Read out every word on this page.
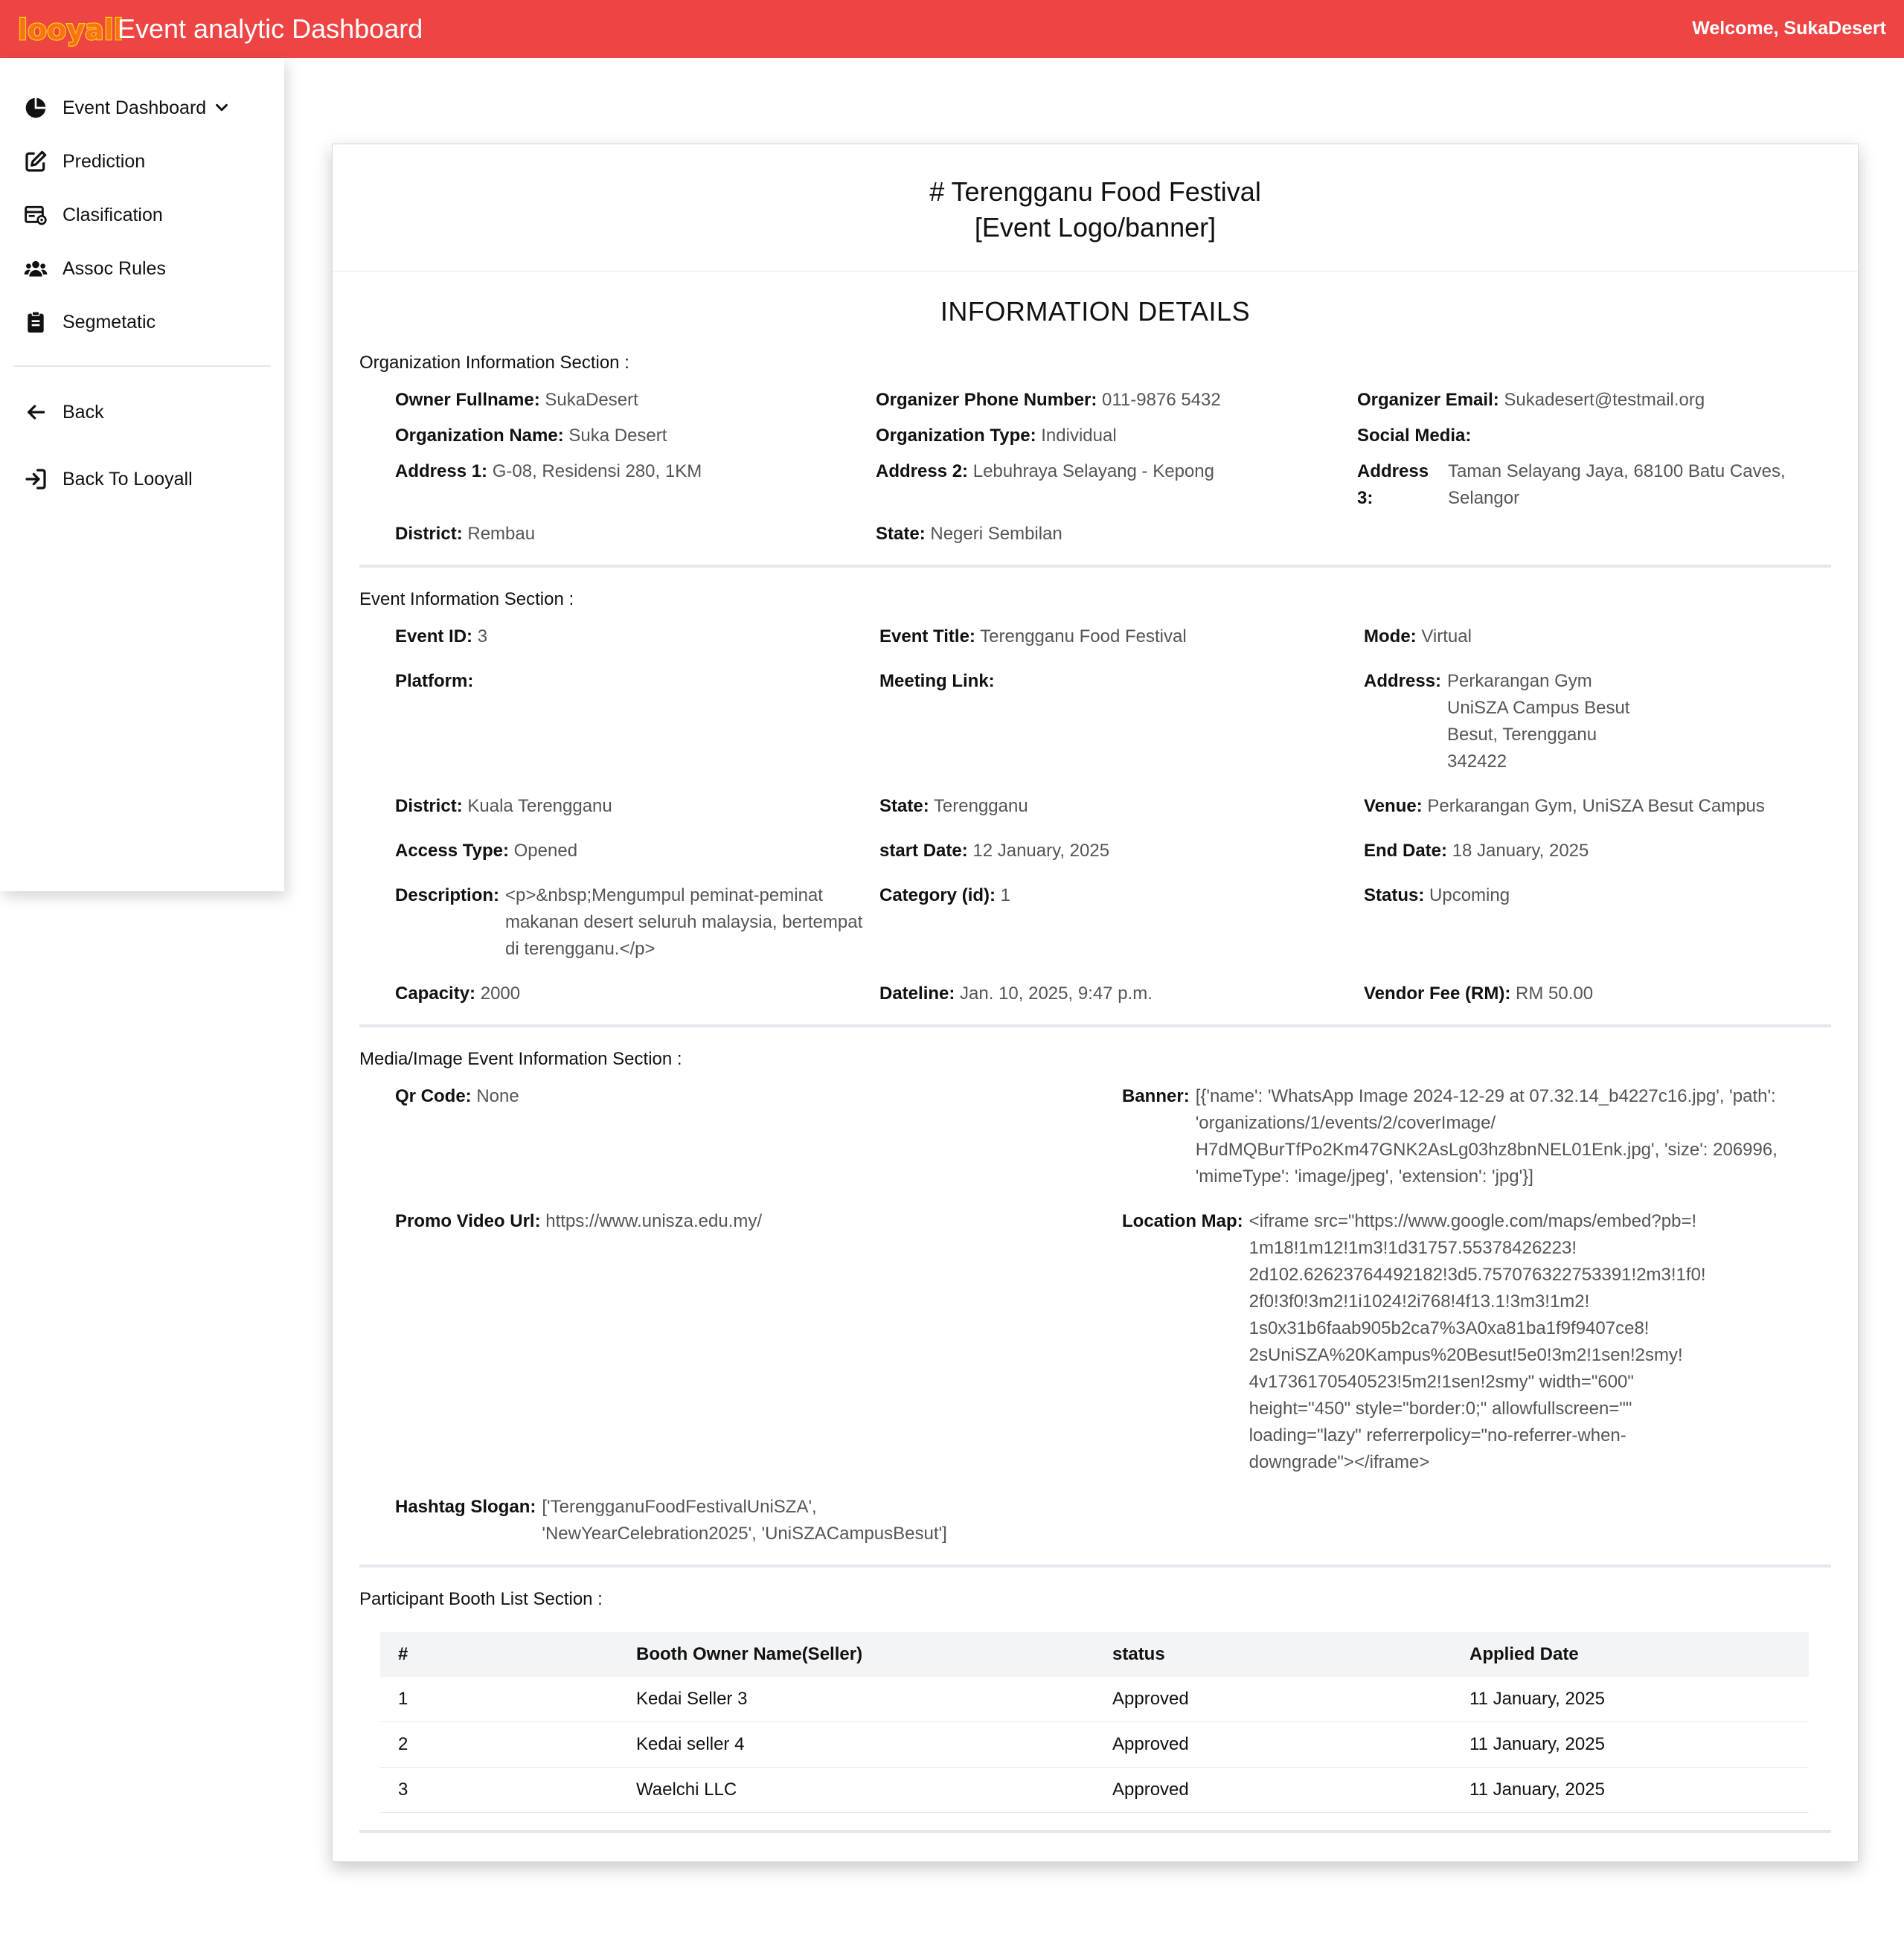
looyall
Event analytic Dashboard	Welcome, SukaDesert
Event Dashboard
Prediction
Clasification
Assoc Rules
Segmetatic
Back
Back To Looyall
# Terengganu Food Festival
[Event Logo/banner]
INFORMATION DETAILS
Organization Information Section :
Owner Fullname: SukaDesert	Organizer Phone Number: 011-9876 5432	Organizer Email: Sukadesert@testmail.org
Organization Name: Suka Desert	Organization Type: Individual	Social Media:
Address 1: G-08, Residensi 280, 1KM	Address 2: Lebuhraya Selayang - Kepong	Address
3:
Taman Selayang Jaya, 68100 Batu Caves,
Selangor
District: Rembau	State: Negeri Sembilan
Event Information Section :
Event ID: 3	Event Title: Terengganu Food Festival	Mode: Virtual
Platform:	Meeting Link:	Address: Perkarangan Gym
UniSZA Campus Besut
Besut, Terengganu
342422
District: Kuala Terengganu	State: Terengganu	Venue: Perkarangan Gym, UniSZA Besut Campus
Access Type: Opened	start Date: 12 January, 2025	End Date: 18 January, 2025
Description: <p>&nbsp;Mengumpul peminat-peminat
makanan desert seluruh malaysia, bertempat
di terengganu.</p>
Category (id): 1	Status: Upcoming
Capacity: 2000	Dateline: Jan. 10, 2025, 9:47 p.m.	Vendor Fee (RM): RM 50.00
Media/Image Event Information Section :
Qr Code: None	Banner: [{'name': 'WhatsApp Image 2024-12-29 at 07.32.14_b4227c16.jpg', 'path':
'organizations/1/events/2/coverImage/
H7dMQBurTfPo2Km47GNK2AsLg03hz8bnNEL01Enk.jpg', 'size': 206996,
'mimeType': 'image/jpeg', 'extension': 'jpg'}]
Promo Video Url: https://www.unisza.edu.my/	Location Map: <iframe src="https://www.google.com/maps/embed?pb=!
1m18!1m12!1m3!1d31757.55378426223!
2d102.62623764492182!3d5.757076322753391!2m3!1f0!
2f0!3f0!3m2!1i1024!2i768!4f13.1!3m3!1m2!
1s0x31b6faab905b2ca7%3A0xa81ba1f9f9407ce8!
2sUniSZA%20Kampus%20Besut!5e0!3m2!1sen!2smy!
4v1736170540523!5m2!1sen!2smy" width="600"
height="450" style="border:0;" allowfullscreen=""
loading="lazy" referrerpolicy="no-referrer-when-
downgrade"></iframe>
Hashtag Slogan: ['TerengganuFoodFestivalUniSZA',
'NewYearCelebration2025', 'UniSZACampusBesut']
Participant Booth List Section :
#	Booth Owner Name(Seller)	status	Applied Date
1	Kedai Seller 3	Approved	11 January, 2025
2	Kedai seller 4	Approved	11 January, 2025
3	Waelchi LLC	Approved	11 January, 2025
